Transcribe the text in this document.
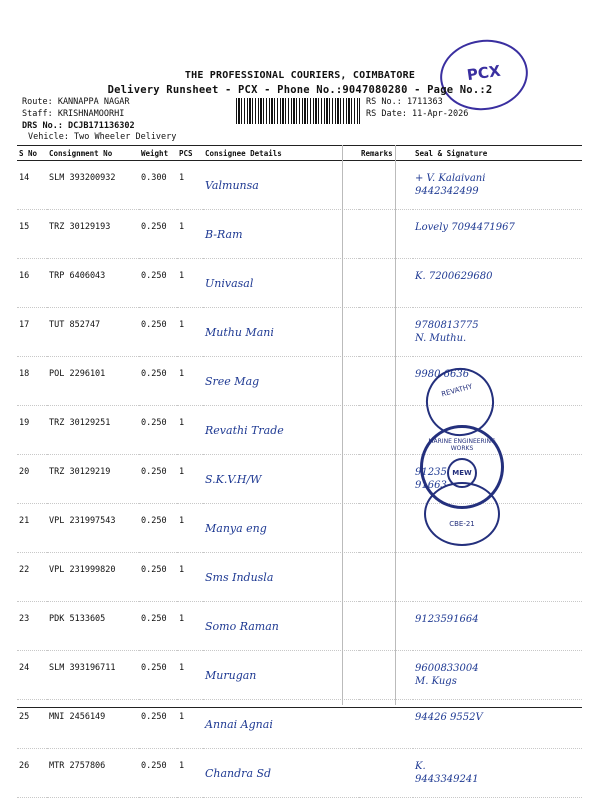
PCX
THE PROFESSIONAL COURIERS, COIMBATORE
Delivery Runsheet - PCX - Phone No.:9047080280 - Page No.:2
Route: KANNAPPA NAGAR
Staff: KRISHNAMOORHI
DRS No.: DCJB171136302
Vehicle: Two Wheeler Delivery
RS No.: 1711363
RS Date: 11-Apr-2026
S No	Consignment No	Weight	PCS	Consignee Details	Remarks	Seal & Signature
14	SLM 393200932	0.300	1	Valmunsa		+ V. Kalaivani
9442342499

15	TRZ 30129193	0.250	1	B-Ram		Lovely 7094471967

16	TRP 6406043	0.250	1	Univasal		K. 7200629680

17	TUT 852747	0.250	1	Muthu Mani		9780813775
N. Muthu.

18	POL 2296101	0.250	1	Sree Mag		9980 6636

19	TRZ 30129251	0.250	1	Revathi Trade		

20	TRZ 30129219	0.250	1	S.K.V.H/W		91235
91663

21	VPL 231997543	0.250	1	Manya eng		

22	VPL 231999820	0.250	1	Sms Indusla		

23	PDK 5133605	0.250	1	Somo Raman		9123591664

24	SLM 393196711	0.250	1	Murugan		9600833004
M. Kugs

25	MNI 2456149	0.250	1	Annai Agnai		94426 9552V

26	MTR 2757806	0.250	1	Chandra Sd		K.
9443349241
REVATHY
MARINE ENGINEERING WORKS
MEW
CBE-21
